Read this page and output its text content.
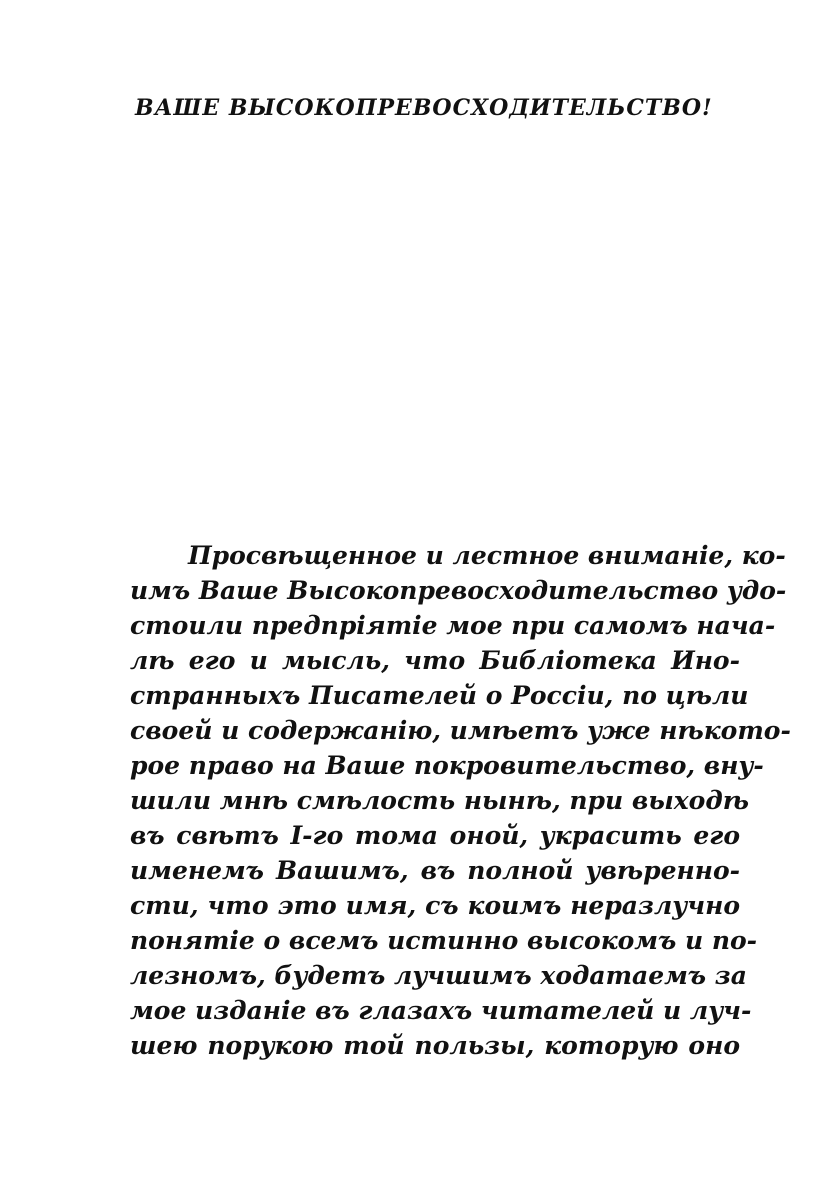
ВАШЕ ВЫСОКОПРЕВОСХОДИТЕЛЬСТВО!
Просвѣщенное и лестное вниманіе, ко-
имъ Ваше Высокопревосходительство удо-
стоили предпріятіе мое при самомъ нача-
лѣ его и мысль, что Библіотека Ино-
странныхъ Писателей о Россіи, по цѣли
своей и содержанію, имѣетъ уже нѣкото-
рое право на Ваше покровительство, вну-
шили мнѣ смѣлость нынѣ, при выходѣ
въ свѣтъ I-го тома оной, украсить его
именемъ Вашимъ, въ полной увѣренно-
сти, что это имя, съ коимъ неразлучно
понятіе о всемъ истинно высокомъ и по-
лезномъ, будетъ лучшимъ ходатаемъ за
мое изданіе въ глазахъ читателей и луч-
шею порукою той пользы, которую оно
